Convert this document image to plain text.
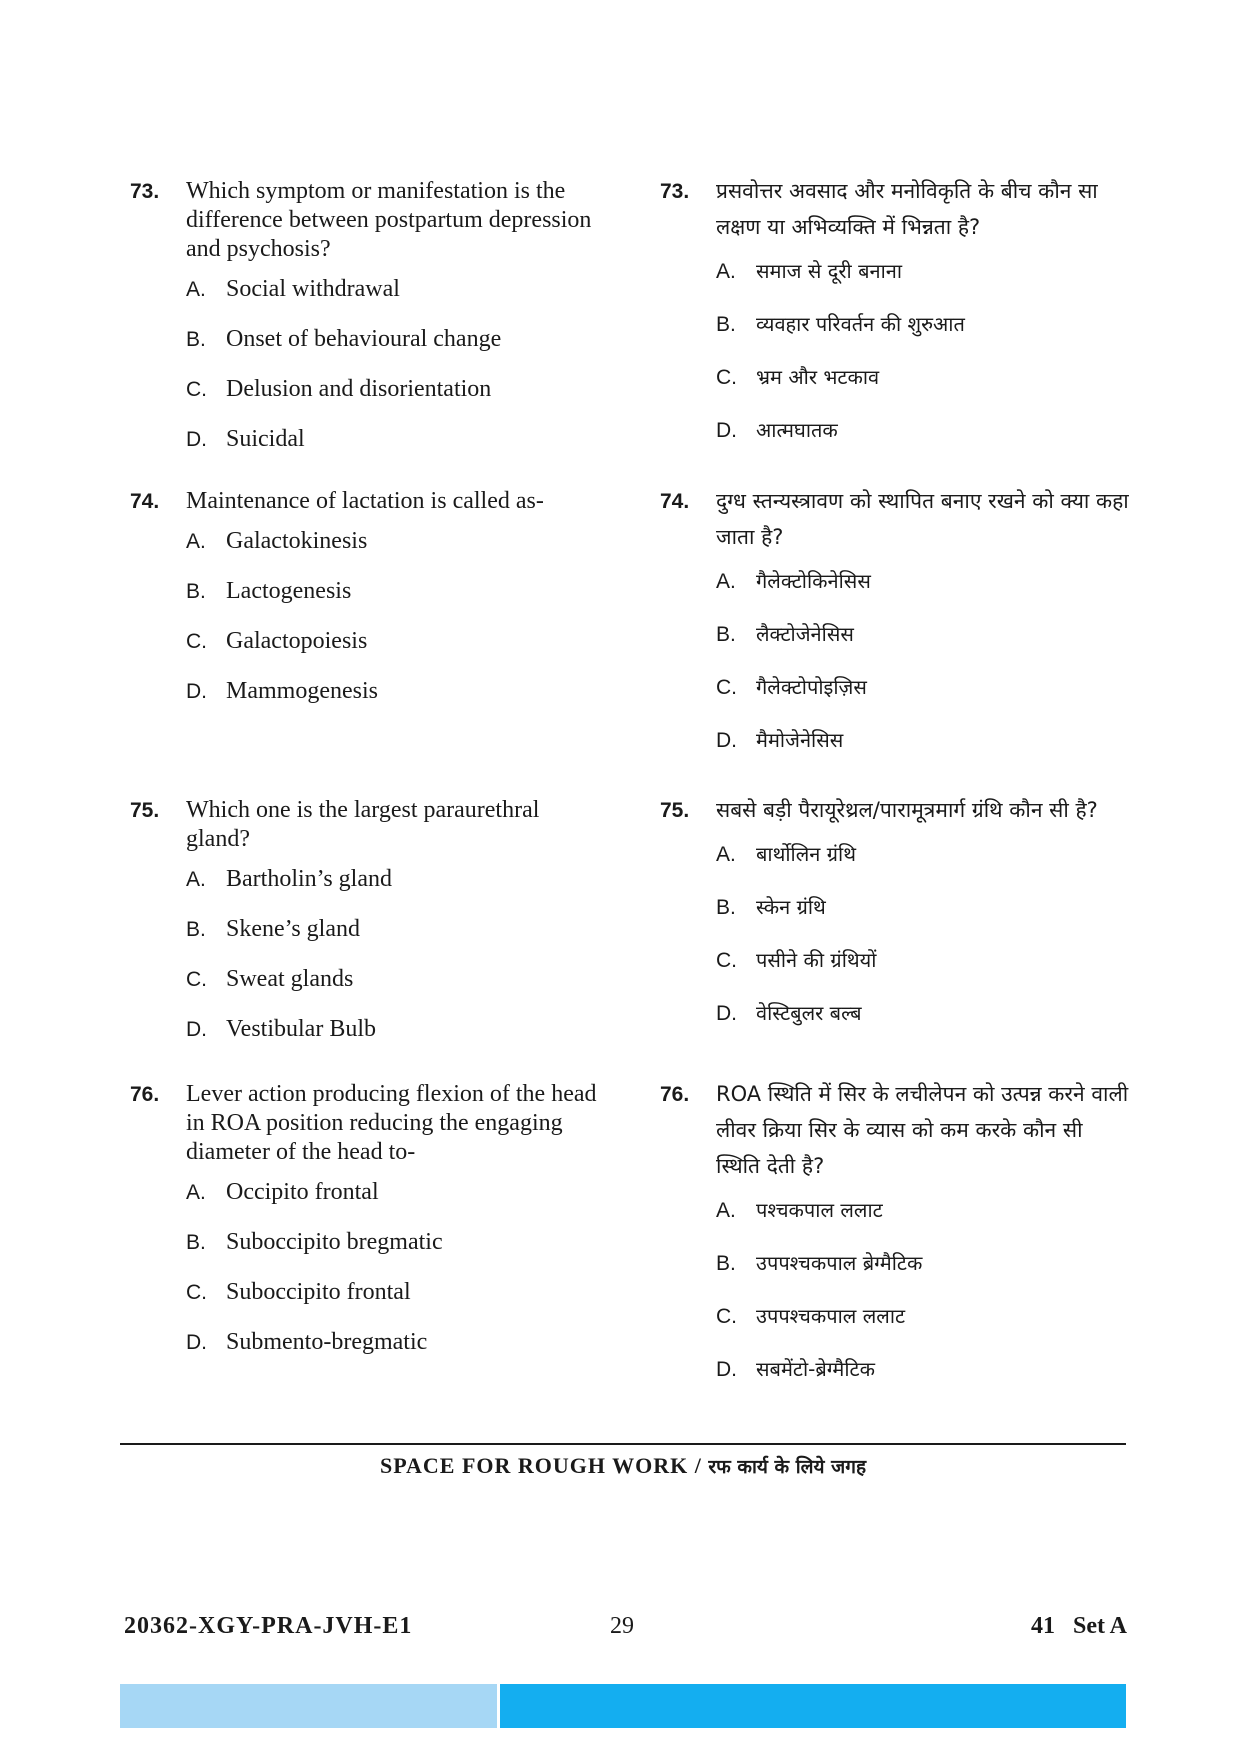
73.	Which symptom or manifestation is the difference between postpartum depression and psychosis?
A. Social withdrawal
B. Onset of behavioural change
C. Delusion and disorientation
D. Suicidal
74.	Maintenance of lactation is called as-
A. Galactokinesis
B. Lactogenesis
C. Galactopoiesis
D. Mammogenesis
75.	Which one is the largest paraurethral gland?
A. Bartholin’s gland
B. Skene’s gland
C. Sweat glands
D. Vestibular Bulb
76.	Lever action producing flexion of the head in ROA position reducing the engaging diameter of the head to-
A. Occipito frontal
B. Suboccipito bregmatic
C. Suboccipito frontal
D. Submento-bregmatic
73.	प्रसवोत्तर अवसाद और मनोविकृति के बीच कौन सा लक्षण या अभिव्यक्ति में भिन्नता है?
A.	समाज से दूरी बनाना
B.	व्यवहार परिवर्तन की शुरुआत
C. भ्रम और भटकाव
D. आत्मघातक
74.	दुग्ध स्तन्यस्त्रावण को स्थापित बनाए रखने को क्या कहा जाता है?
A.	गैलेक्टोकिनेसिस
B.	लैक्टोजेनेसिस
C. गैलेक्टोपोइज़िस
D. मैमोजेनेसिस
75.	सबसे बड़ी पैरायूरेथ्रल/पारामूत्रमार्ग ग्रंथि कौन सी है?
A.	बार्थोलिन ग्रंथि
B.	स्केन ग्रंथि
C. पसीने की ग्रंथियों
D. वेस्टिबुलर बल्ब
76.	ROA स्थिति में सिर के लचीलेपन को उत्पन्न करने वाली लीवर क्रिया सिर के व्यास को कम करके कौन सी स्थिति देती है?
A.	पश्चकपाल ललाट
B.	उपपश्चकपाल ब्रेग्मैटिक
C. उपपश्चकपाल ललाट
D. सबमेंटो-ब्रेग्मैटिक
SPACE FOR ROUGH WORK / रफ कार्य के लिये जगह
20362-XGY-PRA-JVH-E1	29	41   Set A
